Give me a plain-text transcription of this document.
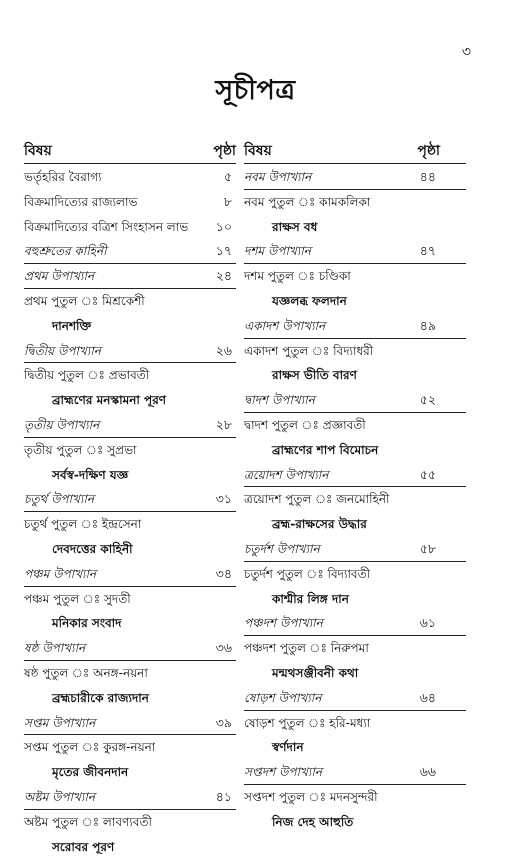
৩
সূচীপত্র
বিষয়	পৃষ্ঠা
ভর্তৃহরির বৈরাগ্য	৫
বিক্রমাদিত্যের রাজ্যলাভ	৮
বিক্রমাদিত্যের বত্রিশ সিংহাসন লাভ ১০
বহুশ্রুতের কাহিনী	১৭
প্রথম উপাখ্যান	২৪
প্রথম পুতুল ঃ মিশ্রকেশী
দানশক্তি
দ্বিতীয় উপাখ্যান	২৬
দ্বিতীয় পুতুল ঃ প্রভাবতী
ব্রাহ্মণের মনস্কামনা পূরণ
তৃতীয় উপাখ্যান	২৮
তৃতীয় পুতুল ঃ সুপ্রভা
সর্বস্ব-দক্ষিণ যজ্ঞ
চতুর্থ উপাখ্যান	৩১
চতুর্থ পুতুল ঃ ইন্দ্রসেনা
দেবদত্তের কাহিনী
পঞ্চম উপাখ্যান	৩৪
পঞ্চম পুতুল ঃ সুদতী
মনিকার সংবাদ
ষষ্ঠ উপাখ্যান	৩৬
ষষ্ঠ পুতুল ঃ অনঙ্গ-নয়না
ব্রহ্মচারীকে রাজ্যদান
সপ্তম উপাখ্যান	৩৯
সপ্তম পুতুল ঃ কুরঙ্গ-নয়না
মৃতের জীবনদান
অষ্টম উপাখ্যান	৪১
অষ্টম পুতুল ঃ লাবণ্যবতী
সরোবর পূরণ
বিষয়	পৃষ্ঠা
নবম উপাখ্যান	৪৪
নবম পুতুল ঃ কামকলিকা
রাক্ষস বধ
দশম উপাখ্যান	৪৭
দশম পুতুল ঃ চণ্ডিকা
যজ্ঞলব্ধ ফলদান
একাদশ উপাখ্যান	৪৯
একাদশ পুতুল ঃ বিদ্যাধরী
রাক্ষস ভীতি বারণ
দ্বাদশ উপাখ্যান	৫২
দ্বাদশ পুতুল ঃ প্রজ্ঞাবতী
ব্রাহ্মণের শাপ বিমোচন
ত্রয়োদশ উপাখ্যান	৫৫
ত্রয়োদশ পুতুল ঃ জনমোহিনী
ব্রহ্ম-রাক্ষসের উদ্ধার
চতুর্দশ উপাখ্যান	৫৮
চতুর্দশ পুতুল ঃ বিদ্যাবতী
কাশ্মীর লিঙ্গ দান
পঞ্চদশ উপাখ্যান	৬১
পঞ্চদশ পুতুল ঃ নিরুপমা
মন্মথসঞ্জীবনী কথা
ষোড়শ উপাখ্যান	৬৪
ষোড়শ পুতুল ঃ হরি-মধ্যা
স্বর্ণদান
সপ্তদশ উপাখ্যান	৬৬
সপ্তদশ পুতুল ঃ মদনসুন্দরী
নিজ দেহ আহুতি
